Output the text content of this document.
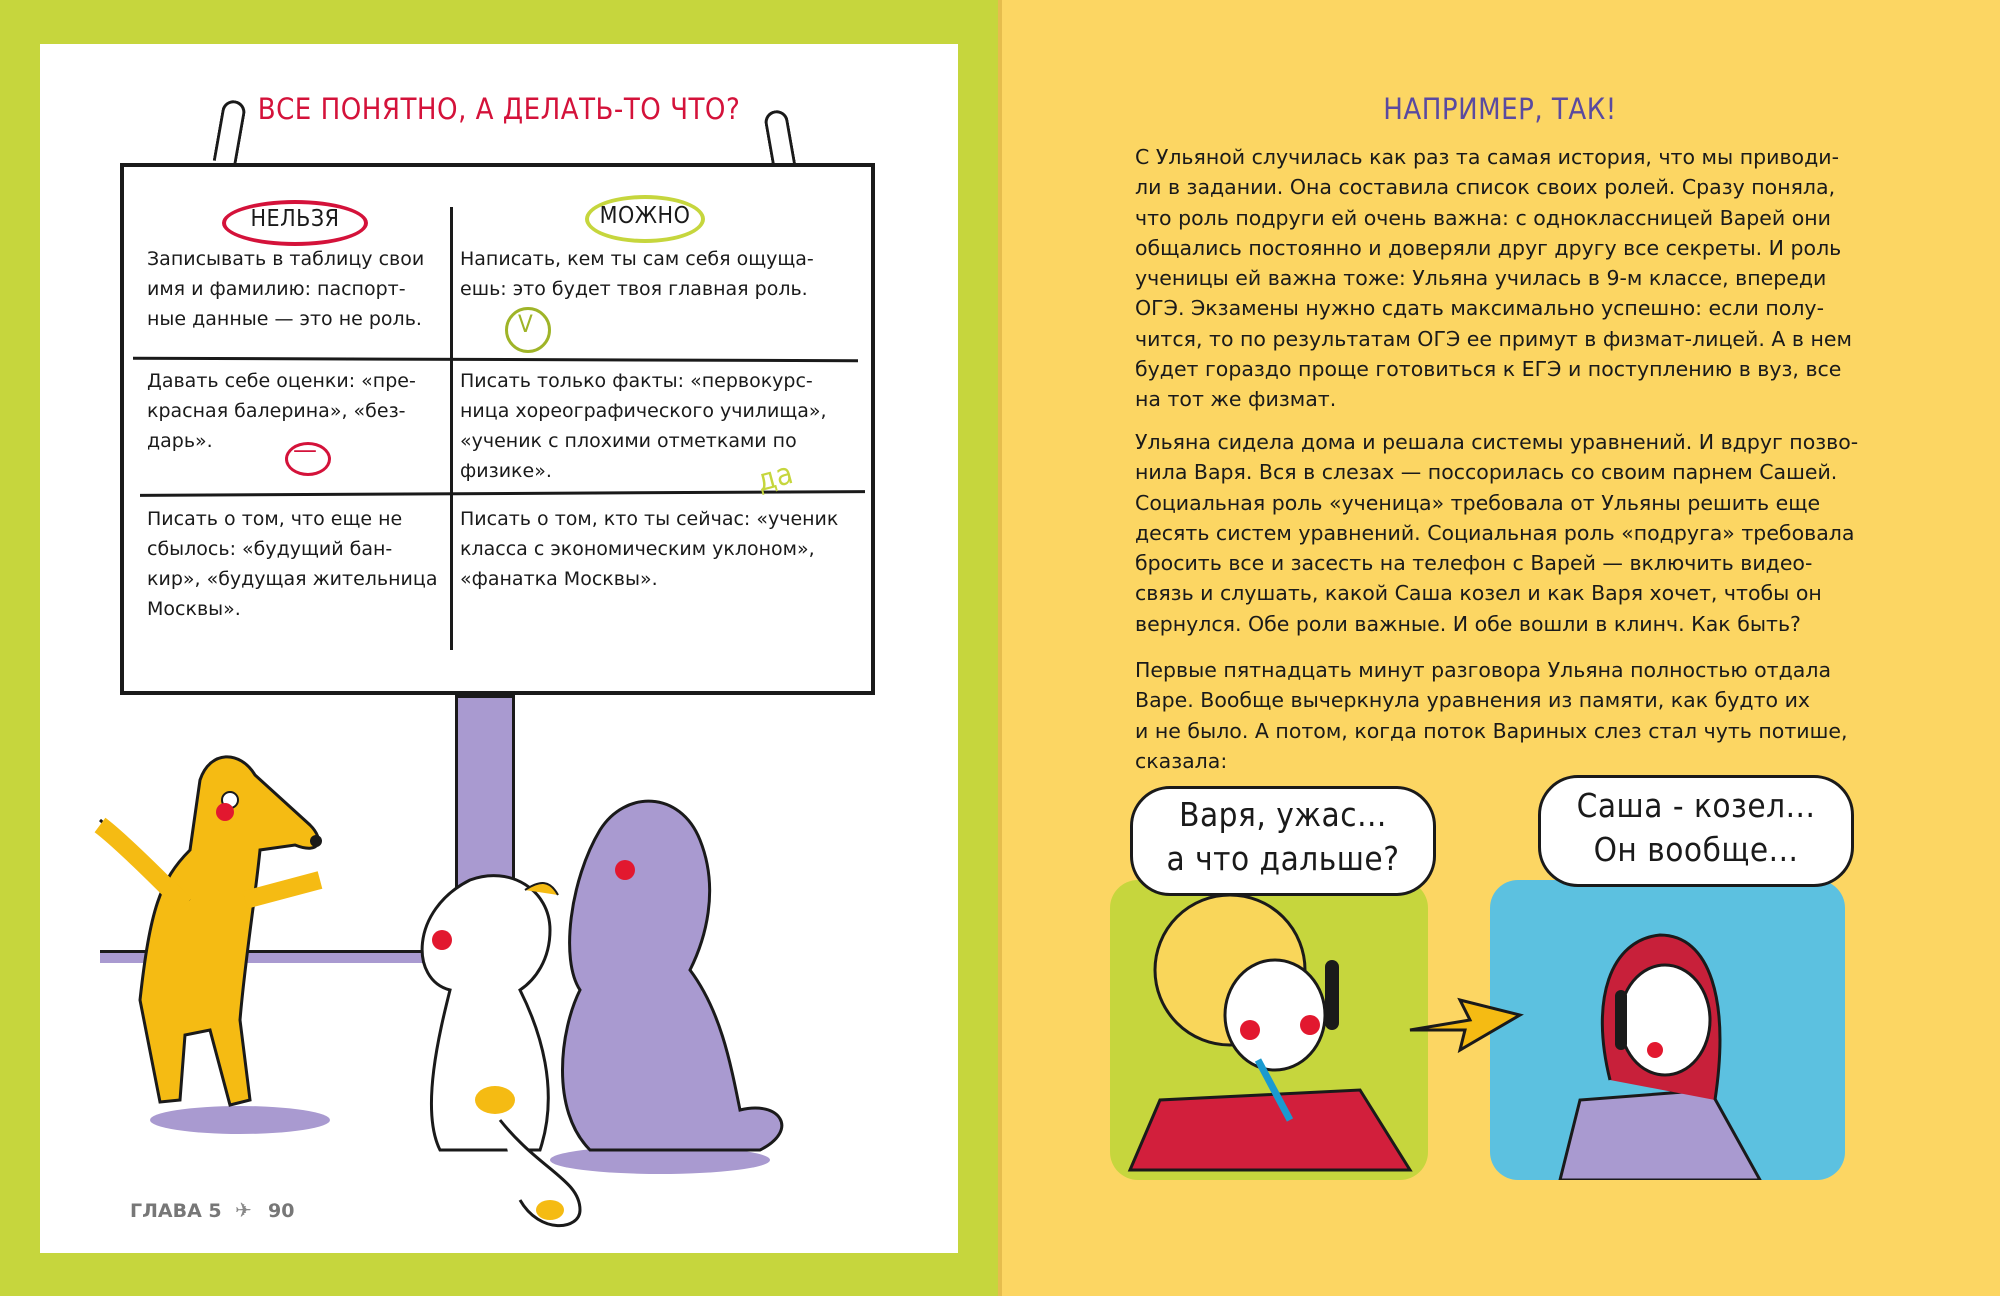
ВСЕ ПОНЯТНО, А ДЕЛАТЬ-ТО ЧТО?
НЕЛЬЗЯ	МОЖНО
Записывать в таблицу свои
имя и фамилию: паспорт-
ные данные — это не роль.
Написать, кем ты сам себя ощуща-
ешь: это будет твоя главная роль.
Давать себе оценки: «пре-
красная балерина», «без-
дарь».
Писать только факты: «первокурс-
ница хореографического училища»,
«ученик с плохими отметками по
физике».
Писать о том, что еще не
сбылось: «будущий бан-
кир», «будущая жительница
Москвы».
Писать о том, кто ты сейчас: «ученик
класса с экономическим уклоном»,
«фанатка Москвы».
V
—
да
ГЛАВА 5 ✈ 90
НАПРИМЕР, ТАК!
С Ульяной случилась как раз та самая история, что мы приводи-
ли в задании. Она составила список своих ролей. Сразу поняла,
что роль подруги ей очень важна: с одноклассницей Варей они
общались постоянно и доверяли друг другу все секреты. И роль
ученицы ей важна тоже: Ульяна училась в 9-м классе, впереди
ОГЭ. Экзамены нужно сдать максимально успешно: если полу-
чится, то по результатам ОГЭ ее примут в физмат-лицей. А в нем
будет гораздо проще готовиться к ЕГЭ и поступлению в вуз, все
на тот же физмат.
Ульяна сидела дома и решала системы уравнений. И вдруг позво-
нила Варя. Вся в слезах — поссорилась со своим парнем Сашей.
Социальная роль «ученица» требовала от Ульяны решить еще
десять систем уравнений. Социальная роль «подруга» требовала
бросить все и засесть на телефон с Варей — включить видео-
связь и слушать, какой Саша козел и как Варя хочет, чтобы он
вернулся. Обе роли важные. И обе вошли в клинч. Как быть?
Первые пятнадцать минут разговора Ульяна полностью отдала
Варе. Вообще вычеркнула уравнения из памяти, как будто их
и не было. А потом, когда поток Вариных слез стал чуть потише,
сказала:
Варя, ужас...
а что дальше?
Саша - козел...
Он вообще...
